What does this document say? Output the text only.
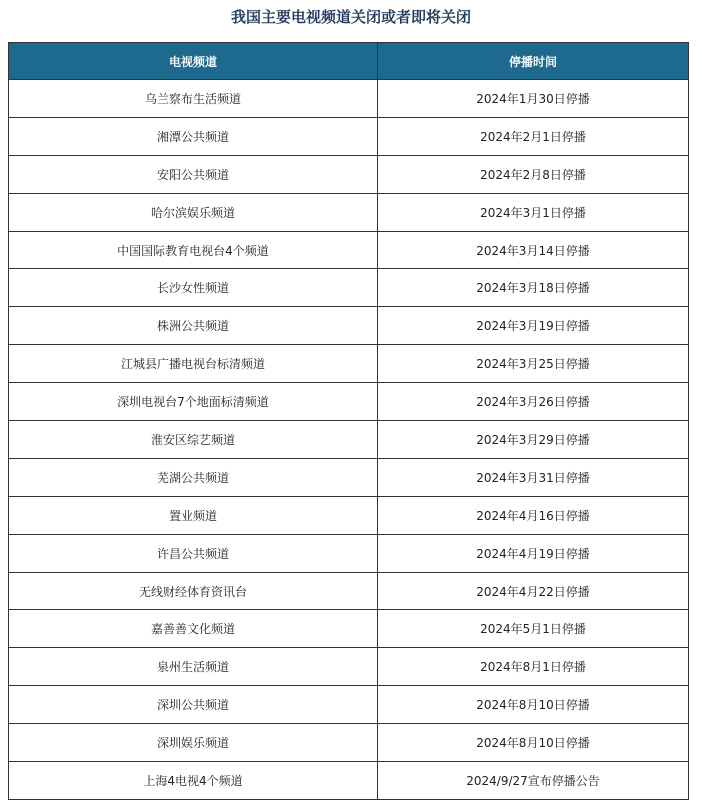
我国主要电视频道关闭或者即将关闭
电视频道	停播时间
乌兰察布生活频道	2024年1月30日停播
湘潭公共频道	2024年2月1日停播
安阳公共频道	2024年2月8日停播
哈尔滨娱乐频道	2024年3月1日停播
中国国际教育电视台4个频道	2024年3月14日停播
长沙女性频道	2024年3月18日停播
株洲公共频道	2024年3月19日停播
江城县广播电视台标清频道	2024年3月25日停播
深圳电视台7个地面标清频道	2024年3月26日停播
淮安区综艺频道	2024年3月29日停播
芜湖公共频道	2024年3月31日停播
置业频道	2024年4月16日停播
许昌公共频道	2024年4月19日停播
无线财经体育资讯台	2024年4月22日停播
嘉善善文化频道	2024年5月1日停播
泉州生活频道	2024年8月1日停播
深圳公共频道	2024年8月10日停播
深圳娱乐频道	2024年8月10日停播
上海4电视4个频道	2024/9/27宣布停播公告
